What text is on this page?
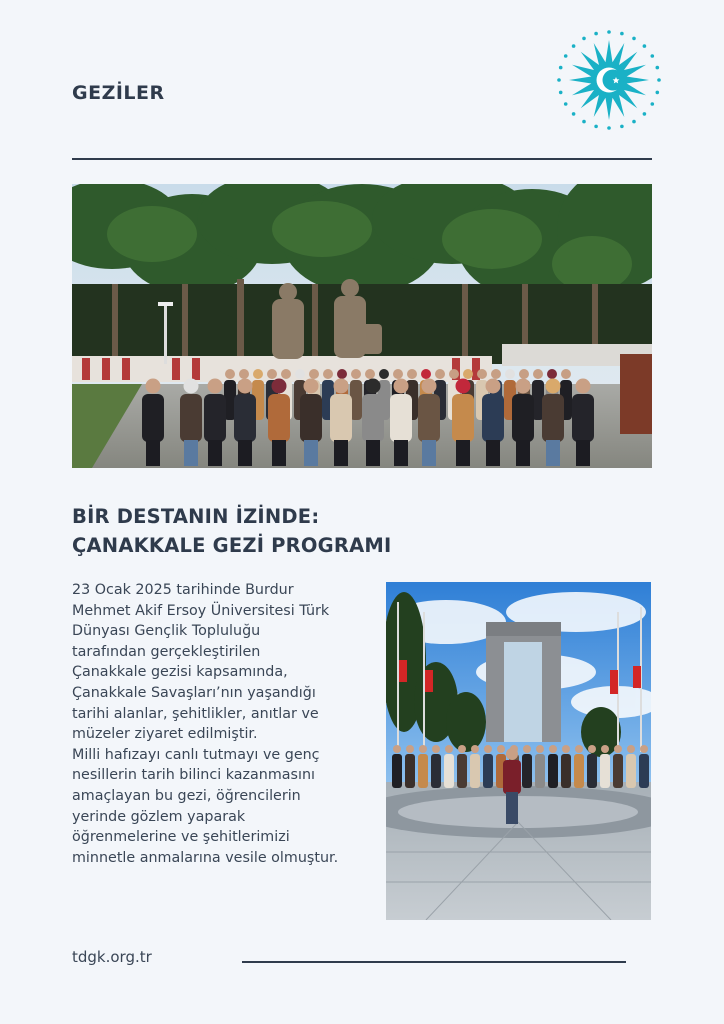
GEZİLER
BİR DESTANIN İZİNDE:
ÇANAKKALE GEZİ PROGRAMI

23 Ocak 2025 tarihinde Burdur

Mehmet Akif Ersoy Üniversitesi Türk

Dünyası Gençlik Topluluğu

tarafından gerçekleştirilen

Çanakkale gezisi kapsamında,

Çanakkale Savaşları’nın yaşandığı

tarihi alanlar, şehitlikler, anıtlar ve

müzeler ziyaret edilmiştir.

Milli hafızayı canlı tutmayı ve genç

nesillerin tarih bilinci kazanmasını

amaçlayan bu gezi, öğrencilerin

yerinde gözlem yaparak

öğrenmelerine ve şehitlerimizi

minnetle anmalarına vesile olmuştur.

tdgk.org.tr
